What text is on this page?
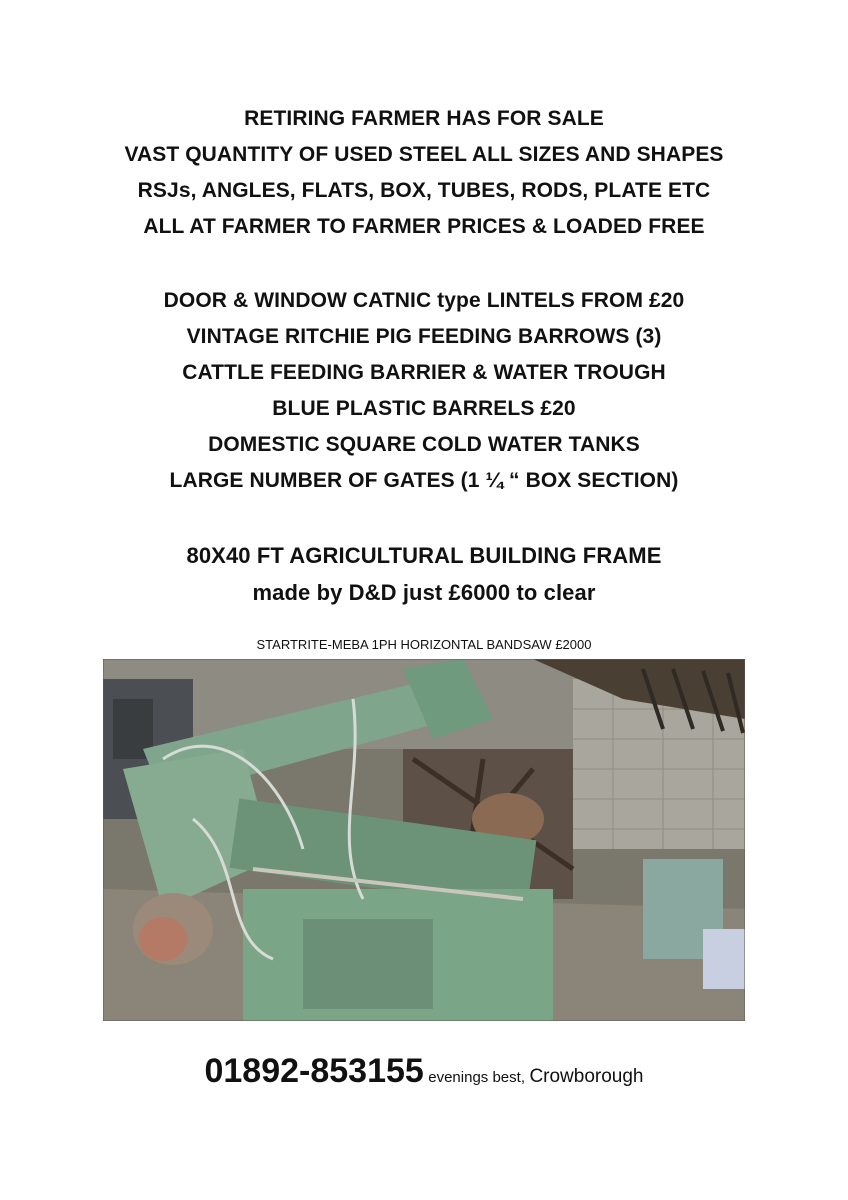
RETIRING FARMER HAS FOR SALE
VAST QUANTITY OF USED STEEL ALL SIZES AND SHAPES
RSJs, ANGLES, FLATS, BOX, TUBES, RODS, PLATE ETC
ALL AT FARMER TO FARMER PRICES & LOADED FREE
DOOR & WINDOW CATNIC type LINTELS FROM £20
VINTAGE RITCHIE PIG FEEDING BARROWS (3)
CATTLE FEEDING BARRIER & WATER TROUGH
BLUE PLASTIC BARRELS £20
DOMESTIC SQUARE COLD WATER TANKS
LARGE NUMBER OF GATES (1 ¼ “ BOX SECTION)
80X40 FT AGRICULTURAL BUILDING FRAME
made by D&D just £6000 to clear
STARTRITE-MEBA 1PH HORIZONTAL BANDSAW £2000
01892-853155 evenings best, Crowborough
